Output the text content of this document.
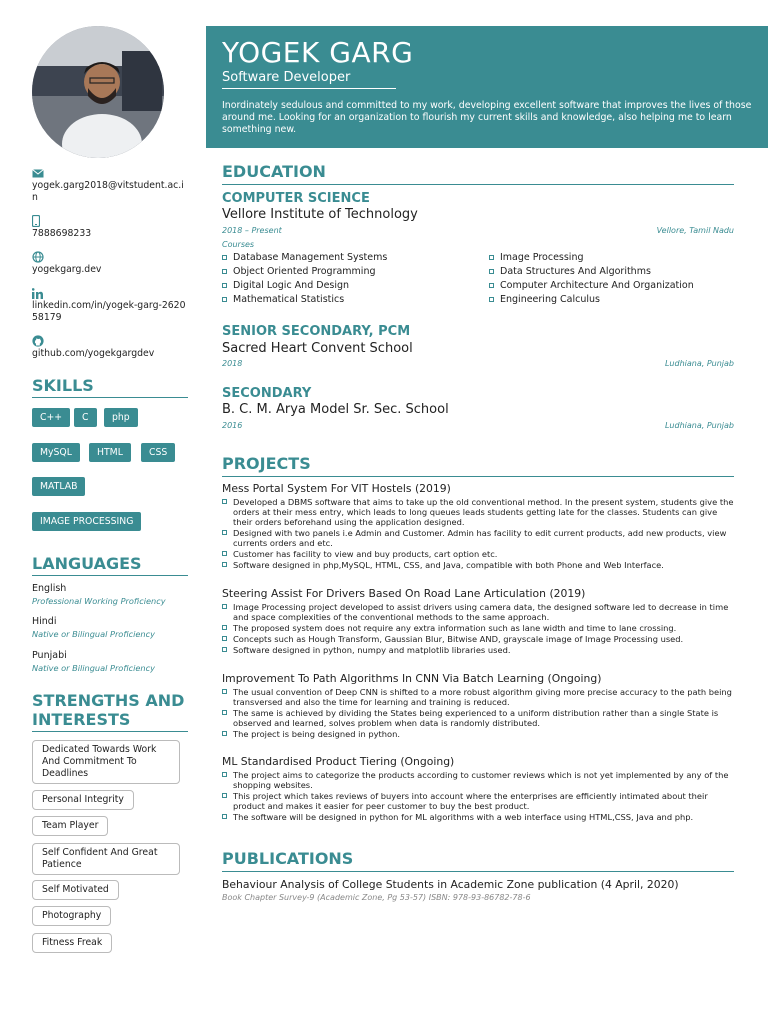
yogek.garg2018@vitstudent.ac.in
7888698233
yogekgarg.dev
linkedin.com/in/yogek-garg-262058179
github.com/yogekgargdev
SKILLS
C++	C	php
MySQL	HTML	CSS
MATLAB
IMAGE PROCESSING
LANGUAGES
English
Professional Working Proficiency
Hindi
Native or Bilingual Proficiency
Punjabi
Native or Bilingual Proficiency
STRENGTHS AND
INTERESTS
Dedicated Towards Work And Commitment To Deadlines
Personal Integrity
Team Player
Self Confident And Great Patience
Self Motivated
Photography
Fitness Freak
YOGEK GARG
Software Developer
Inordinately sedulous and committed to my work, developing excellent software that improves the lives of those around me. Looking for an organization to flourish my current skills and knowledge, also helping me to learn something new.
EDUCATION
COMPUTER SCIENCE
Vellore Institute of Technology
2018 – Present	Vellore, Tamil Nadu
Courses
Database Management Systems	Image Processing
Object Oriented Programming	Data Structures And Algorithms
Digital Logic And Design	Computer Architecture And Organization
Mathematical Statistics	Engineering Calculus
SENIOR SECONDARY, PCM
Sacred Heart Convent School
2018	Ludhiana, Punjab
SECONDARY
B. C. M. Arya Model Sr. Sec. School
2016	Ludhiana, Punjab
PROJECTS
Mess Portal System For VIT Hostels (2019)
Developed a DBMS software that aims to take up the old conventional method. In the present system, students give the orders at their mess entry, which leads to long queues leads students getting late for the classes. Students can give their orders beforehand using the application designed.
Designed with two panels i.e Admin and Customer. Admin has facility to edit current products, add new products, view currents orders and etc.
Customer has facility to view and buy products, cart option etc.
Software designed in php,MySQL, HTML, CSS, and Java, compatible with both Phone and Web Interface.
Steering Assist For Drivers Based On Road Lane Articulation (2019)
Image Processing project developed to assist drivers using camera data, the designed software led to decrease in time and space complexities of the conventional methods to the same approach.
The proposed system does not require any extra information such as lane width and time to lane crossing.
Concepts such as Hough Transform, Gaussian Blur, Bitwise AND, grayscale image of Image Processing used.
Software designed in python, numpy and matplotlib libraries used.
Improvement To Path Algorithms In CNN Via Batch Learning (Ongoing)
The usual convention of Deep CNN is shifted to a more robust algorithm giving more precise accuracy to the path being transversed and also the time for learning and training is reduced.
The same is achieved by dividing the States being experienced to a uniform distribution rather than a single State is observed and learned, solves problem when data is randomly distributed.
The project is being designed in python.
ML Standardised Product Tiering (Ongoing)
The project aims to categorize the products according to customer reviews which is not yet implemented by any of the shopping websites.
This project which takes reviews of buyers into account where the enterprises are efficiently intimated about their product and makes it easier for peer customer to buy the best product.
The software will be designed in python for ML algorithms with a web interface using HTML,CSS, Java and php.
PUBLICATIONS
Behaviour Analysis of College Students in Academic Zone publication (4 April, 2020)
Book Chapter Survey-9 (Academic Zone, Pg 53-57) ISBN: 978-93-86782-78-6
